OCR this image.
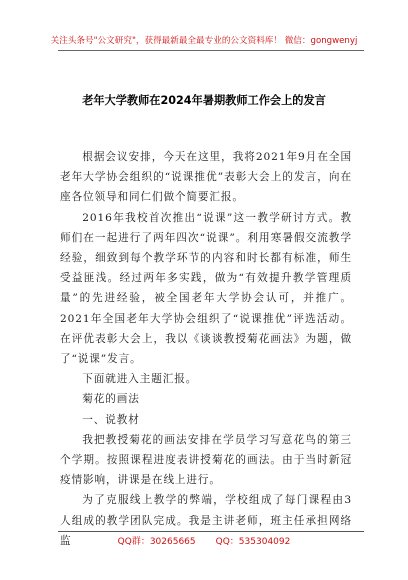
关注头条号"公文研究"，获得最新最全最专业的公文资料库！ 微信：gongwenyj
老年大学教师在2024年暑期教师工作会上的发言

根据会议安排，今天在这里，我将2021年9月在全国老年大学协会组织的“说课推优”表彰大会上的发言，向在座各位领导和同仁们做个简要汇报。

2016年我校首次推出“说课”这一教学研讨方式。教师们在一起进行了两年四次“说课”。利用寒暑假交流教学经验，细致到每个教学环节的内容和时长都有标准，师生受益匪浅。经过两年多实践，做为“有效提升教学管理质量”的先进经验，被全国老年大学协会认可，并推广。2021年全国老年大学协会组织了“说课推优”评选活动。在评优表彰大会上，我以《谈谈教授菊花画法》为题，做了“说课”发言。

下面就进入主题汇报。

菊花的画法

一、说教材

我把教授菊花的画法安排在学员学习写意花鸟的第三个学期。按照课程进度表讲授菊花的画法。由于当时新冠疫情影响，讲课是在线上进行。

为了克服线上教学的弊端，学校组成了每门课程由3人组成的教学团队完成。我是主讲老师，班主任承担网络监	QQ群：30265665 QQ：535304092
